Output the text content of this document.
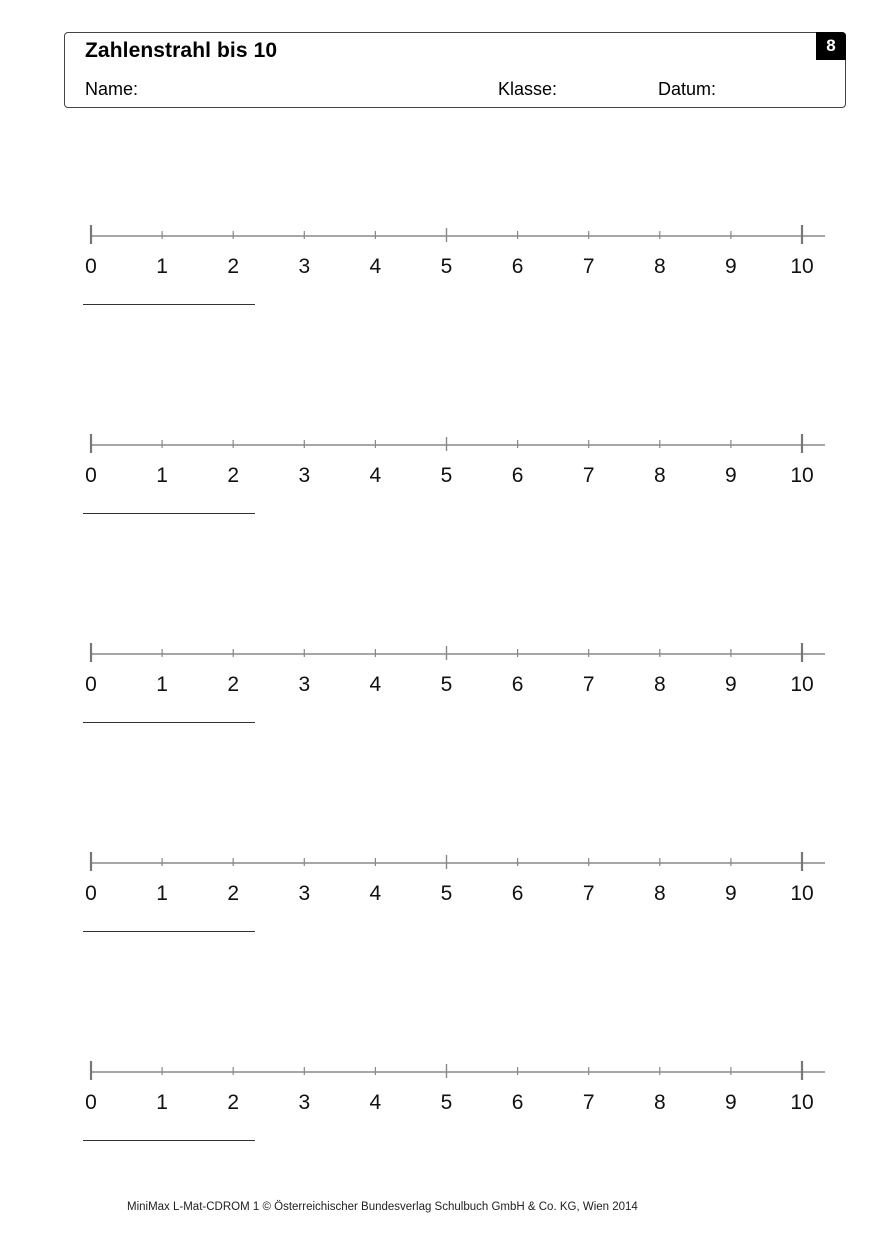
Zahlenstrahl bis 10
Name:	Klasse:	Datum:
8
0	1	2	3	4	5	6	7	8	9	10
0	1	2	3	4	5	6	7	8	9	10
0	1	2	3	4	5	6	7	8	9	10
0	1	2	3	4	5	6	7	8	9	10
0	1	2	3	4	5	6	7	8	9	10
MiniMax L-Mat-CDROM 1 © Österreichischer Bundesverlag Schulbuch GmbH & Co. KG, Wien 2014
